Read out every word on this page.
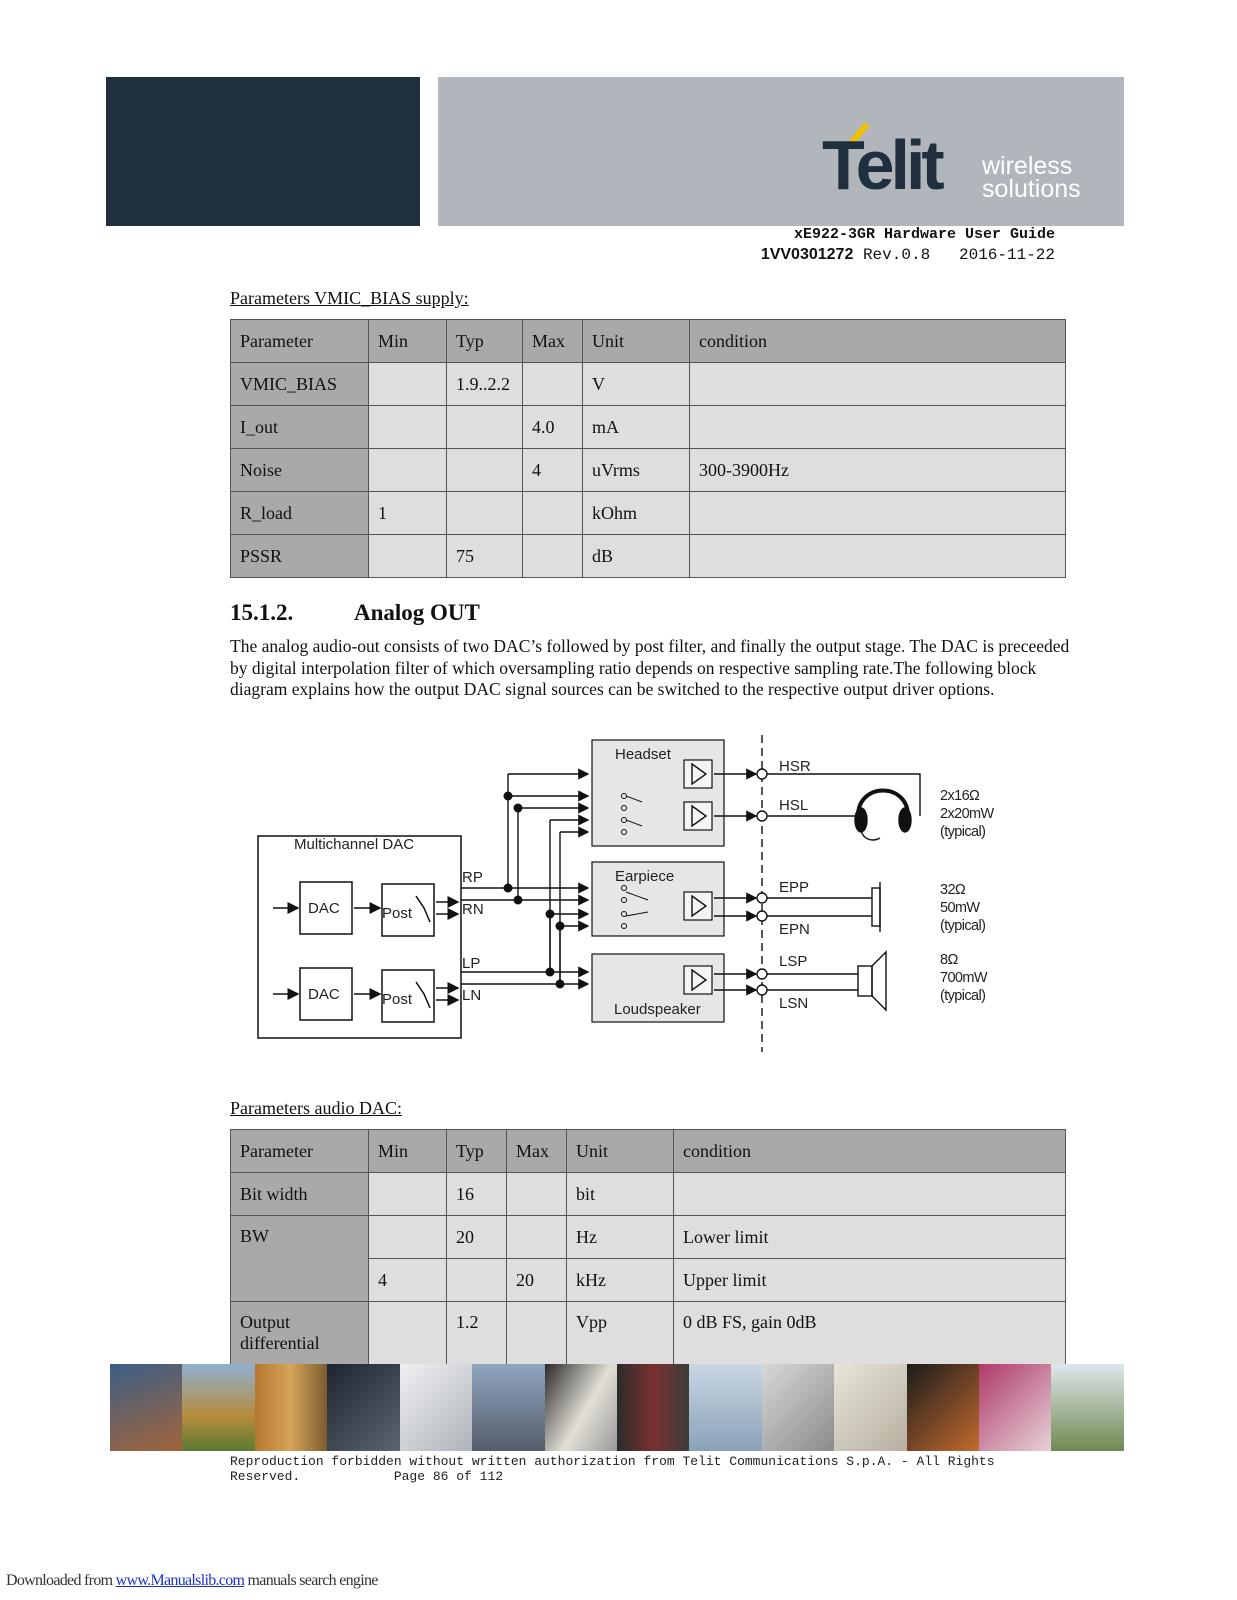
Telit wireless
solutions
xE922-3GR Hardware User Guide
1VV0301272 Rev.0.8 2016-11-22
Parameters VMIC_BIAS supply:
Parameter	Min	Typ	Max	Unit	condition
VMIC_BIAS		1.9..2.2		V	
I_out			4.0	mA	
Noise			4	uVrms	300-3900Hz
R_load	1			kOhm	
PSSR		75		dB	
15.1.2.	Analog OUT
The analog audio-out consists of two DAC’s followed by post filter, and finally the output stage. The DAC is preceeded by digital interpolation filter of which oversampling ratio depends on respective sampling rate.The following block diagram explains how the output DAC signal sources can be switched to the respective output driver options.
Multichannel DAC
DAC
DAC
Post
Post
RP
RN
LP
LN
Headset
Earpiece
Loudspeaker
HSR
HSL
EPP
EPN
LSP
LSN
2x16Ω
2x20mW
(typical)
32Ω
50mW
(typical)
8Ω
700mW
(typical)
Parameters audio DAC:
Parameter	Min	Typ	Max	Unit	condition
Bit width		16		bit	
BW		20		Hz	Lower limit
	4		20	kHz	Upper limit
Output differential		1.2		Vpp	0 dB FS, gain 0dB
Reproduction forbidden without written authorization from Telit Communications S.p.A. - All Rights
Reserved.            Page 86 of 112
Downloaded from www.Manualslib.com manuals search engine
